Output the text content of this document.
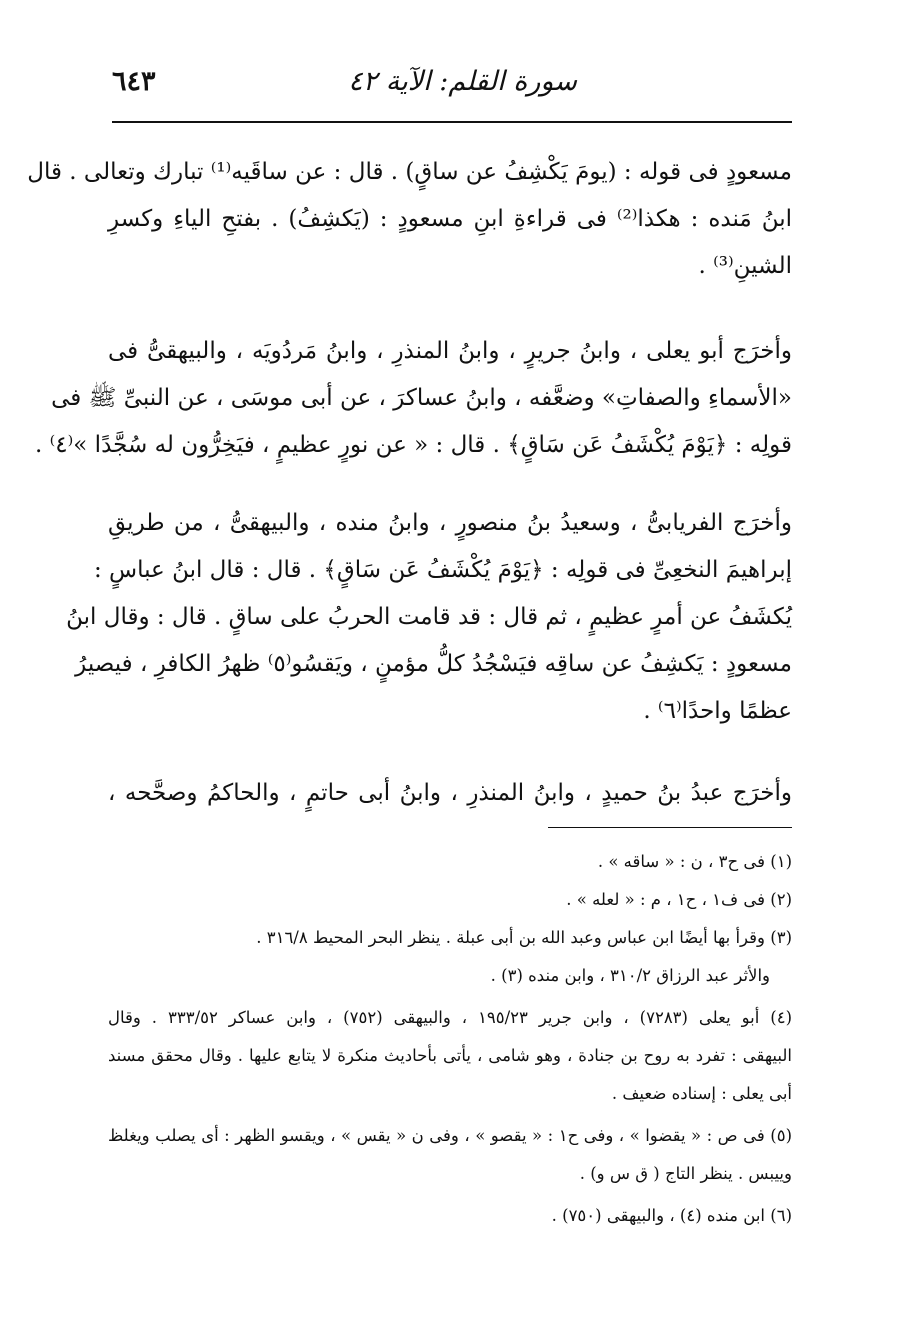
سورة القلم: الآية ٤٢
٦٤٣
مسعودٍ فى قوله : (يومَ يَكْشِفُ عن ساقٍ) . قال : عن ساقَيه⁽¹⁾ تبارك وتعالى . قال
ابنُ مَنده : هكذا⁽²⁾ فى قراءةِ ابنِ مسعودٍ : (يَكشِفُ) . بفتحِ الياءِ وكسرِ
الشينِ⁽³⁾ .
وأخرَج أبو يعلى ، وابنُ جريرٍ ، وابنُ المنذرِ ، وابنُ مَردُويَه ، والبيهقىُّ فى
«الأسماءِ والصفاتِ» وضعَّفه ، وابنُ عساكرَ ، عن أبى موسَى ، عن النبىِّ ﷺ فى
قولِه : ﴿يَوْمَ يُكْشَفُ عَن سَاقٍ﴾ . قال : « عن نورٍ عظيمٍ ، فيَخِرُّون له سُجَّدًا »⁽٤⁾ .
وأخرَج الفريابىُّ ، وسعيدُ بنُ منصورٍ ، وابنُ منده ، والبيهقىُّ ، من طريقِ
إبراهيمَ النخعِىِّ فى قولِه : ﴿يَوْمَ يُكْشَفُ عَن سَاقٍ﴾ . قال : قال ابنُ عباسٍ :
يُكشَفُ عن أمرٍ عظيمٍ ، ثم قال : قد قامت الحربُ على ساقٍ . قال : وقال ابنُ
مسعودٍ : يَكشِفُ عن ساقِه فيَسْجُدُ كلُّ مؤمنٍ ، ويَقسُو⁽٥⁾ ظهرُ الكافرِ ، فيصيرُ
عظمًا واحدًا⁽٦⁾ .
وأخرَج عبدُ بنُ حميدٍ ، وابنُ المنذرِ ، وابنُ أبى حاتمٍ ، والحاكمُ وصحَّحه ،
(١) فى ح٣ ، ن : « ساقه » .
(٢) فى ف١ ، ح١ ، م : « لعله » .
(٣) وقرأ بها أيضًا ابن عباس وعبد الله بن أبى عبلة . ينظر البحر المحيط ٣١٦/٨ .
والأثر عبد الرزاق ٣١٠/٢ ، وابن منده (٣) .
(٤) أبو يعلى (٧٢٨٣) ، وابن جرير ١٩٥/٢٣ ، والبيهقى (٧٥٢) ، وابن عساكر ٣٣٣/٥٢ . وقال
البيهقى : تفرد به روح بن جنادة ، وهو شامى ، يأتى بأحاديث منكرة لا يتابع عليها . وقال محقق مسند
أبى يعلى : إسناده ضعيف .
(٥) فى ص : « يقضوا » ، وفى ح١ : « يقصو » ، وفى ن « يقس » ، ويقسو الظهر : أى يصلب ويغلظ
وييبس . ينظر التاج ( ق س و) .
(٦) ابن منده (٤) ، والبيهقى (٧٥٠) .
